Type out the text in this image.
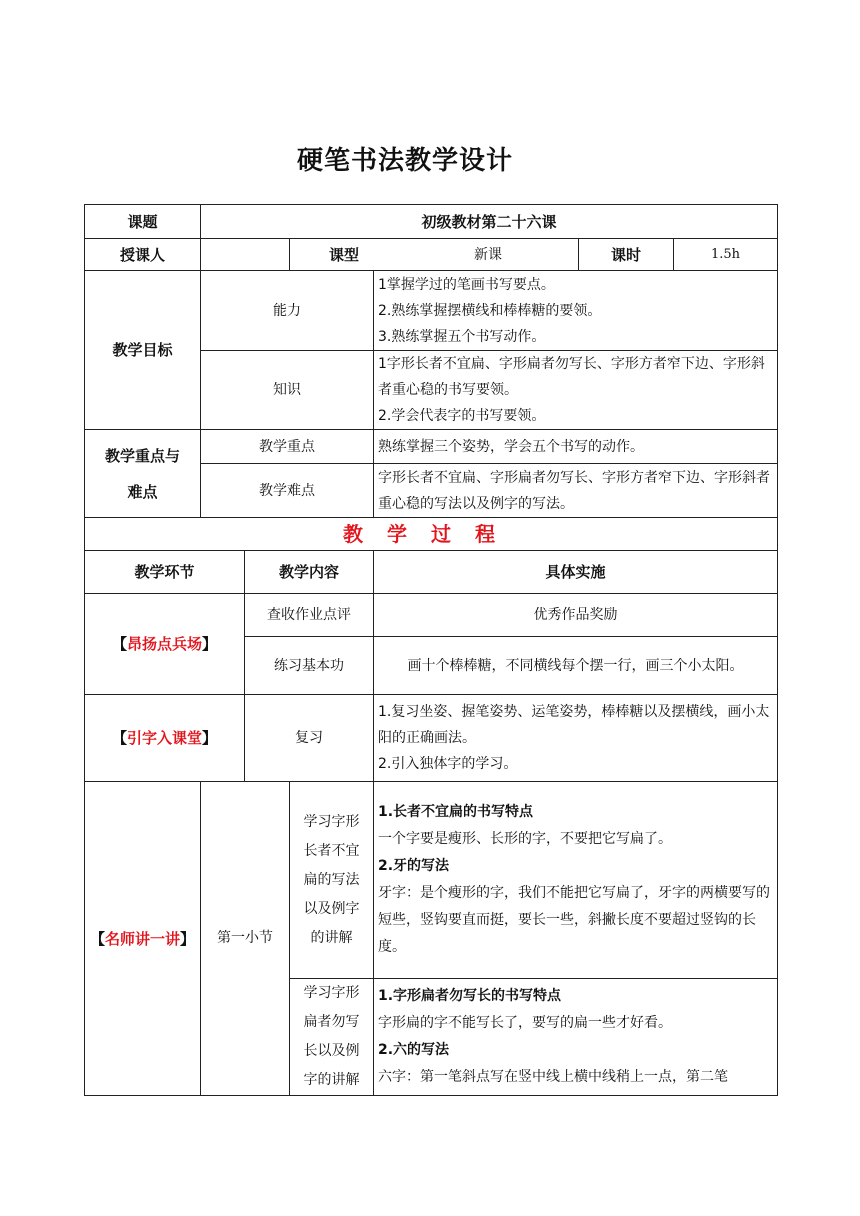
硬笔书法教学设计
课题	初级教材第二十六课					
授课人			课型 新课		课时	1.5h
教学目标	能力			1掌握学过的笔画书写要点。
2.熟练掌握摆横线和棒棒糖的要领。
3.熟练掌握五个书写动作。		

	知识			1字形长者不宜扁、字形扁者勿写长、字形方者窄下边、字形斜者重心稳的书写要领。
2.学会代表字的书写要领。		

教学重点与
难点	教学重点			熟练掌握三个姿势，学会五个书写的动作。		
	教学难点			字形长者不宜扁、字形扁者勿写长、字形方者窄下边、字形斜者重心稳的写法以及例字的写法。		
教学过程						
教学环节		教学内容		具体实施		
【昂扬点兵场】		查收作业点评		优秀作品奖励		
		练习基本功		画十个棒棒糖，不同横线每个摆一行，画三个小太阳。		
【引字入课堂】		复习		1.复习坐姿、握笔姿势、运笔姿势，棒棒糖以及摆横线，画小太阳的正确画法。
2.引入独体字的学习。		

【名师讲一讲】	第一小节		学习字形长者不宜扁的写法以及例字的讲解	1.长者不宜扁的书写特点
一个字要是瘦形、长形的字，不要把它写扁了。
2.牙的写法
牙字：是个瘦形的字，我们不能把它写扁了，牙字的两横要写的短些，竖钩要直而挺，要长一些，斜撇长度不要超过竖钩的长度。		

			学习字形扁者勿写长以及例字的讲解	1.字形扁者勿写长的书写特点
字形扁的字不能写长了，要写的扁一些才好看。
2.六的写法
六字：第一笔斜点写在竖中线上横中线稍上一点，第二笔		
